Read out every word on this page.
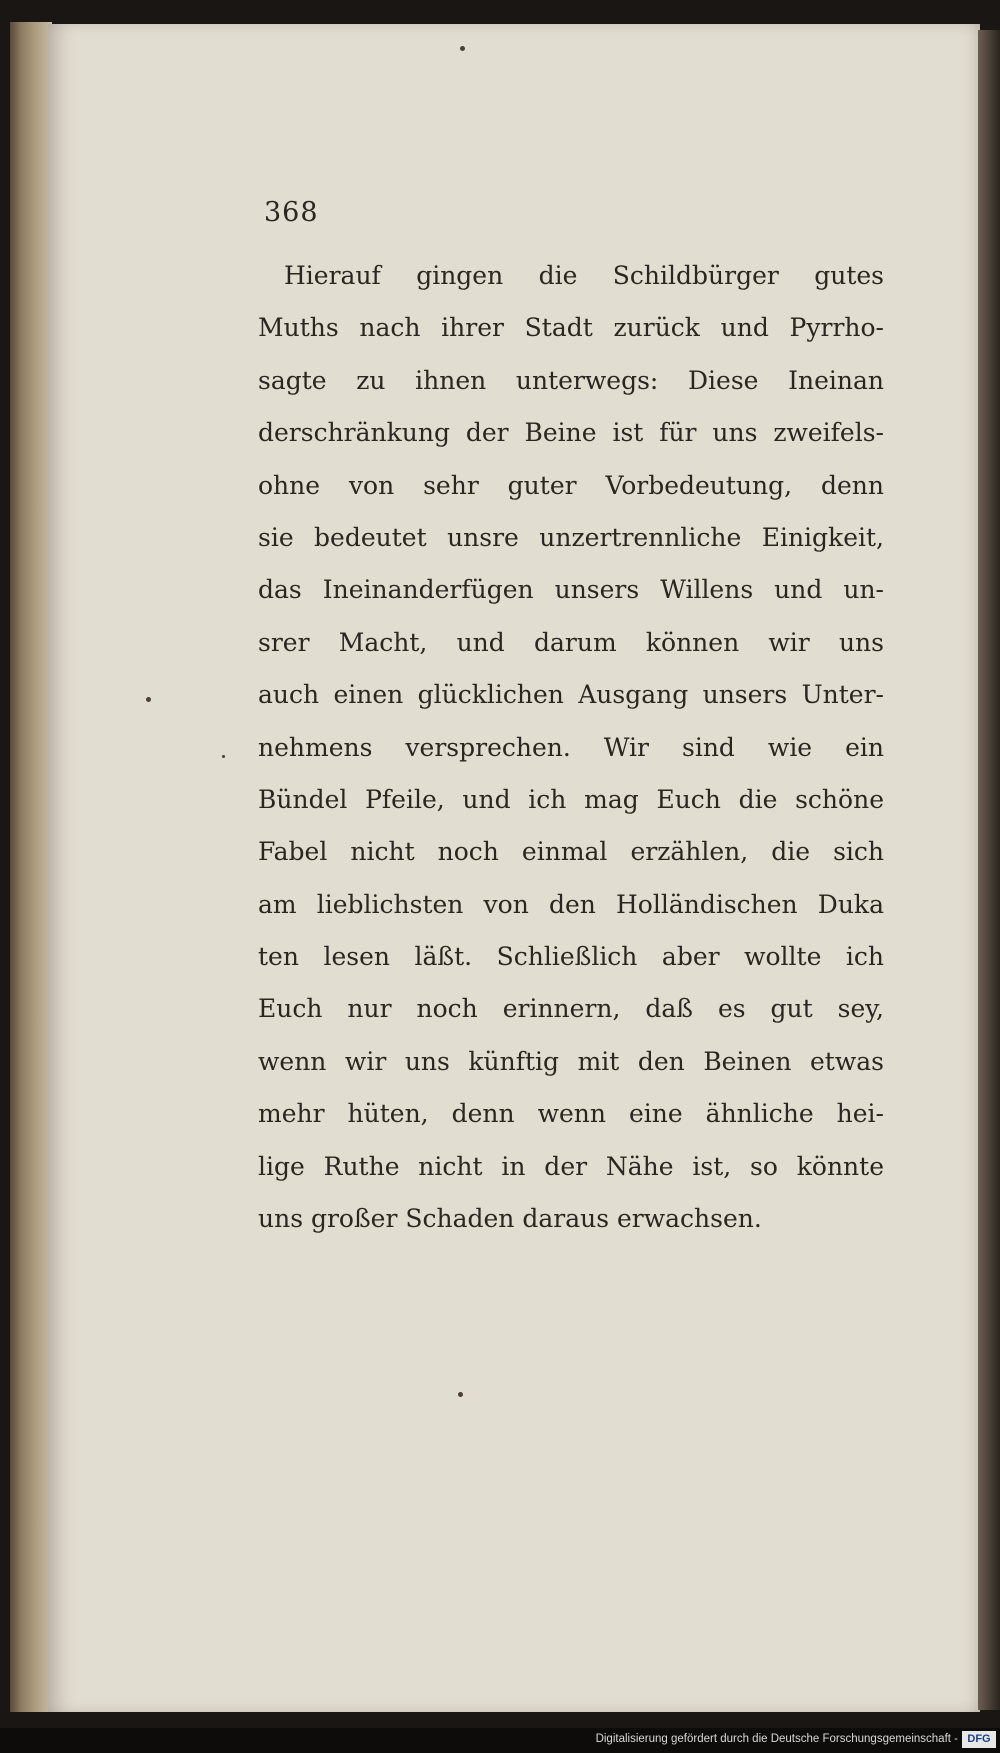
368
Hierauf gingen die Schildbürger gutes
Muths nach ihrer Stadt zurück und Pyrrho-
sagte zu ihnen unterwegs: Diese Ineinan
derschränkung der Beine ist für uns zweifels-
ohne von sehr guter Vorbedeutung, denn
sie bedeutet unsre unzertrennliche Einigkeit,
das Ineinanderfügen unsers Willens und un-
srer Macht, und darum können wir uns
auch einen glücklichen Ausgang unsers Unter-
nehmens versprechen. Wir sind wie ein
Bündel Pfeile, und ich mag Euch die schöne
Fabel nicht noch einmal erzählen, die sich
am lieblichsten von den Holländischen Duka
ten lesen läßt. Schließlich aber wollte ich
Euch nur noch erinnern, daß es gut sey,
wenn wir uns künftig mit den Beinen etwas
mehr hüten, denn wenn eine ähnliche hei-
lige Ruthe nicht in der Nähe ist, so könnte
uns großer Schaden daraus erwachsen.
Digitalisierung gefördert durch die Deutsche Forschungsgemeinschaft - DFG
